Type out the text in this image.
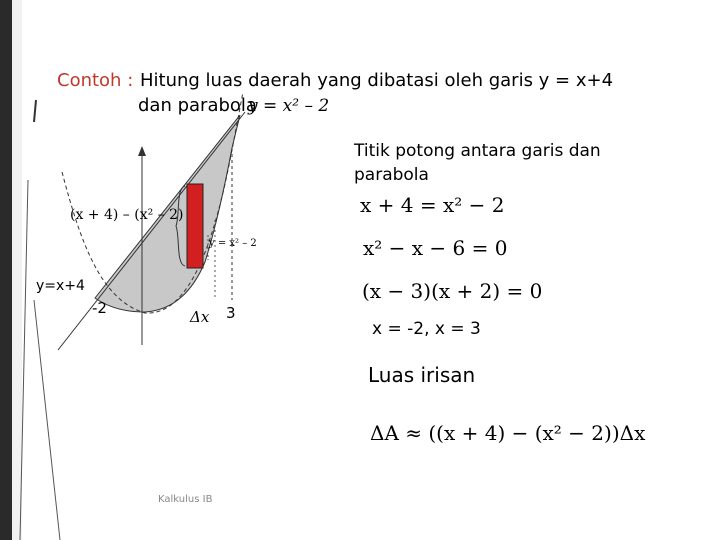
(x + 4) – (x² – 2)
y = x² – 2
y=x+4
-2	3
Δx
Contoh : Hitung luas daerah yang dibatasi oleh garis y = x+4
dan parabola
y = x² – 2
Titik potong antara garis dan
parabola
x + 4 = x² − 2
x² − x − 6 = 0
(x − 3)(x + 2) = 0
x = -2, x = 3
Luas irisan
ΔA ≈ ((x + 4) − (x² − 2))Δx
Kalkulus IB
